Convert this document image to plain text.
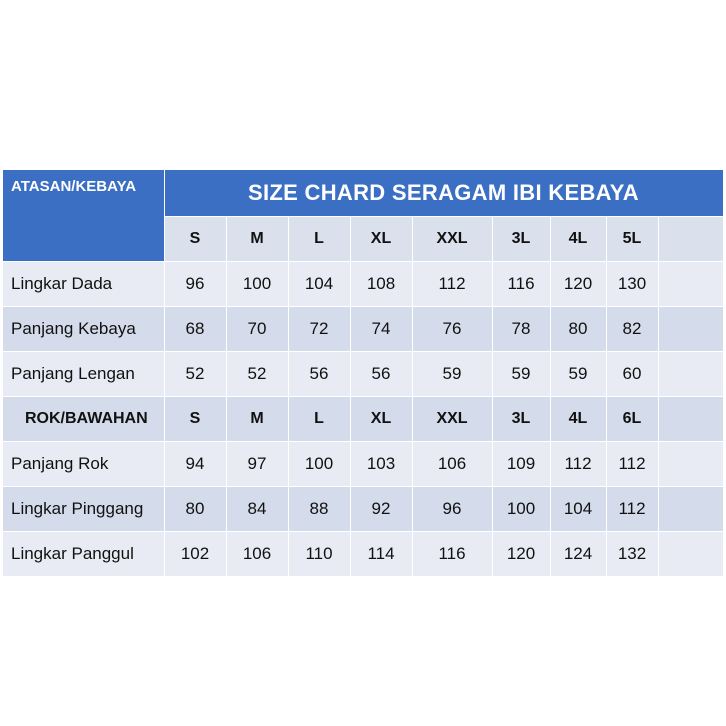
ATASAN/KEBAYA	SIZE CHARD SERAGAM IBI KEBAYA								
	S	M	L	XL	XXL	3L	4L	5L	
Lingkar Dada	96	100	104	108	112	116	120	130	
Panjang Kebaya	68	70	72	74	76	78	80	82	
Panjang Lengan	52	52	56	56	59	59	59	60	
ROK/BAWAHAN	S	M	L	XL	XXL	3L	4L	6L	
Panjang Rok	94	97	100	103	106	109	112	112	
Lingkar Pinggang	80	84	88	92	96	100	104	112	
Lingkar Panggul	102	106	110	114	116	120	124	132	
